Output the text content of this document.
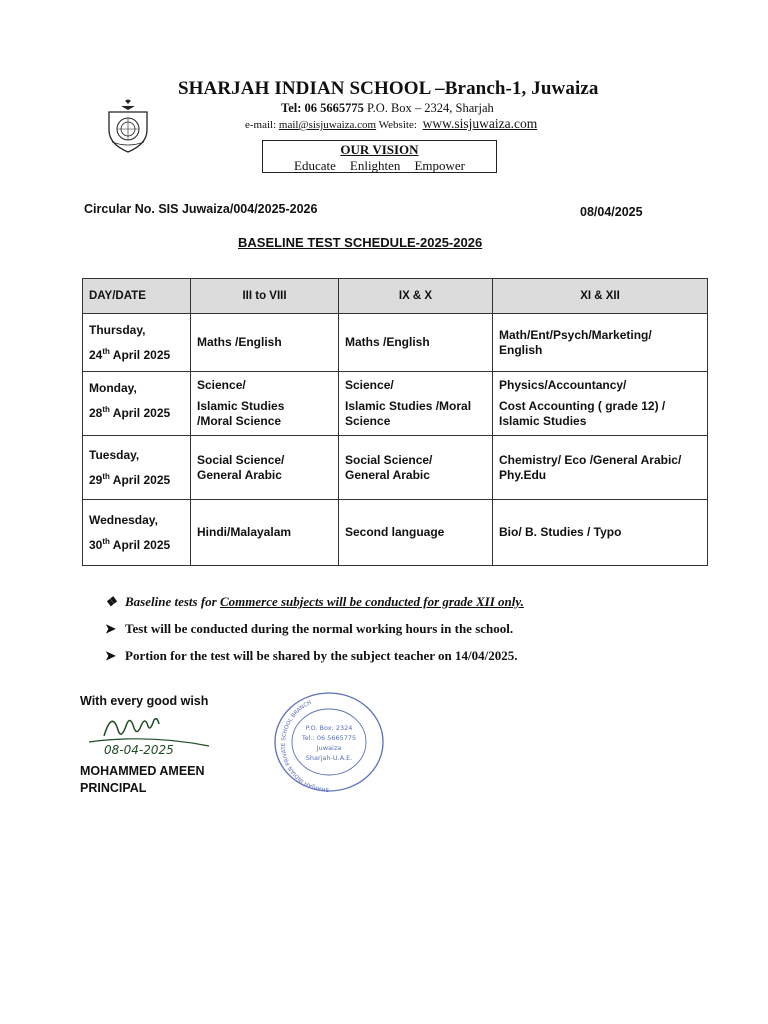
SHARJAH INDIAN SCHOOL –Branch-1, Juwaiza
Tel: 06 5665775 P.O. Box – 2324, Sharjah
e-mail: mail@sisjuwaiza.com Website: www.sisjuwaiza.com
OUR VISION
Educate Enlighten Empower
Circular No. SIS Juwaiza/004/2025-2026	08/04/2025
BASELINE TEST SCHEDULE-2025-2026
DAY/DATE	III to VIII	IX & X	XI & XII
Thursday,
24th April 2025	Maths /English	Maths /English	Math/Ent/Psych/Marketing/
English
Monday,
28th April 2025	Science/
Islamic Studies
/Moral Science	Science/
Islamic Studies /Moral
Science	Physics/Accountancy/
Cost Accounting ( grade 12) /
Islamic Studies
Tuesday,
29th April 2025	Social Science/
General Arabic	Social Science/
General Arabic	Chemistry/ Eco /General Arabic/
Phy.Edu
Wednesday,
30th April 2025	Hindi/Malayalam	Second language	Bio/ B. Studies / Typo
❖ Baseline tests for Commerce subjects will be conducted for grade XII only.
➤ Test will be conducted during the normal working hours in the school.
➤ Portion for the test will be shared by the subject teacher on 14/04/2025.
With every good wish
08-04-2025
MOHAMMED AMEEN
PRINCIPAL	SHARJAH INDIAN PRIVATE SCHOOL BRANCH
P.O. Box: 2324
Tel.: 06 5665775
Juwaiza
Sharjah-U.A.E.
